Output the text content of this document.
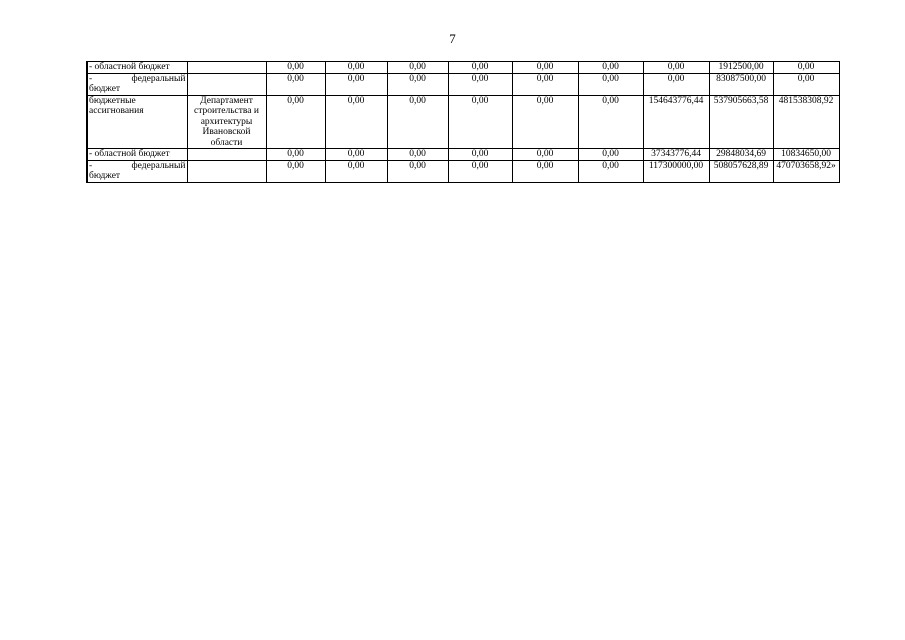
7
- областной бюджет		0,00	0,00	0,00	0,00	0,00	0,00	0,00	1912500,00	0,00

- федеральный
бюджет		0,00	0,00	0,00	0,00	0,00	0,00	0,00	83087500,00	0,00
бюджетные ассигнования	Департамент строительства и архитектуры Ивановской области	0,00	0,00	0,00	0,00	0,00	0,00	154643776,44	537905663,58	481538308,92
- областной бюджет		0,00	0,00	0,00	0,00	0,00	0,00	37343776,44	29848034,69	10834650,00

- федеральный
бюджет		0,00	0,00	0,00	0,00	0,00	0,00	117300000,00	508057628,89	470703658,92»
